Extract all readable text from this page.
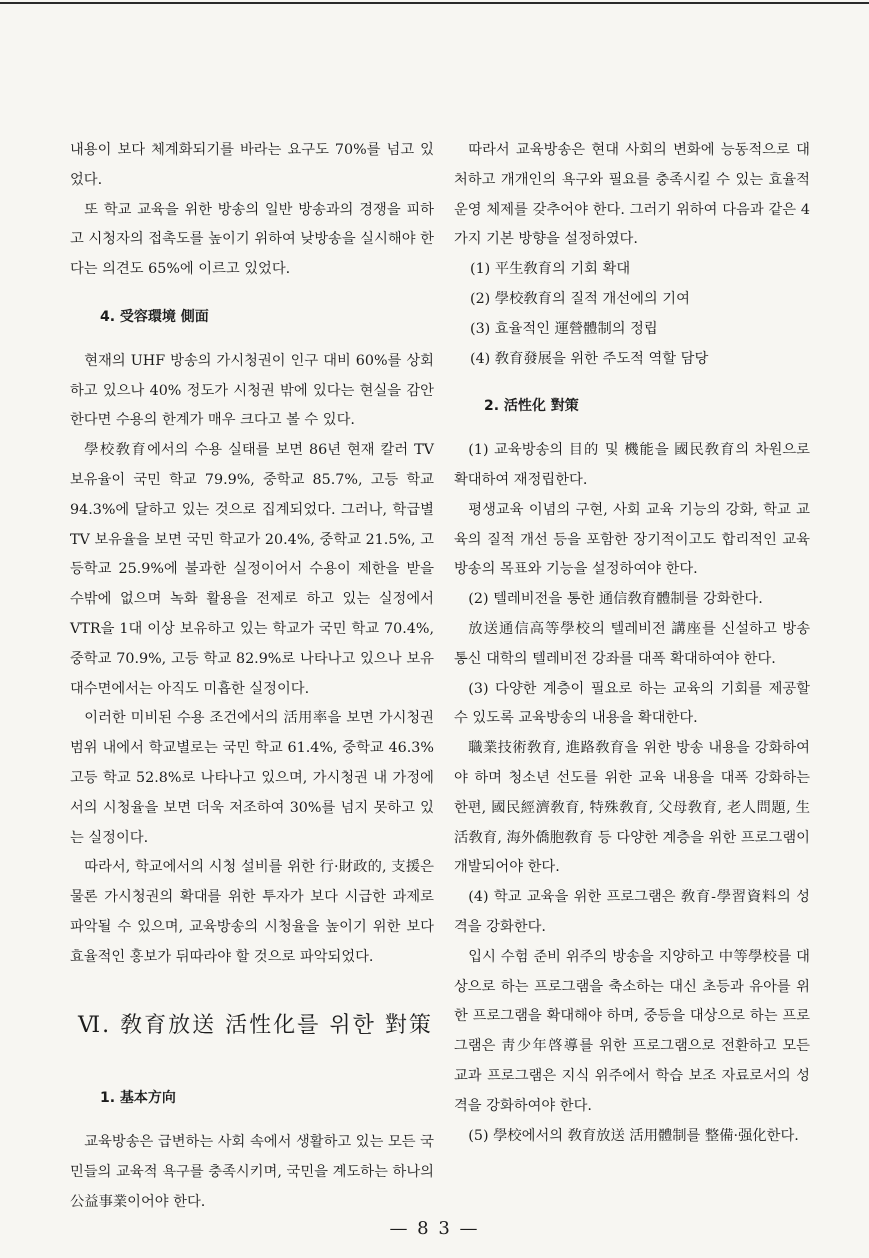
내용이 보다 체계화되기를 바라는 요구도 70%를 넘고 있었다.

또 학교 교육을 위한 방송의 일반 방송과의 경쟁을 피하고 시청자의 접촉도를 높이기 위하여 낮방송을 실시해야 한다는 의견도 65%에 이르고 있었다.

4. 受容環境 側面

현재의 UHF 방송의 가시청권이 인구 대비 60%를 상회하고 있으나 40% 정도가 시청권 밖에 있다는 현실을 감안한다면 수용의 한계가 매우 크다고 볼 수 있다.

學校敎育에서의 수용 실태를 보면 86년 현재 칼러 TV 보유율이 국민 학교 79.9%, 중학교 85.7%, 고등 학교 94.3%에 달하고 있는 것으로 집계되었다. 그러나, 학급별 TV 보유율을 보면 국민 학교가 20.4%, 중학교 21.5%, 고등학교 25.9%에 불과한 실정이어서 수용이 제한을 받을 수밖에 없으며 녹화 활용을 전제로 하고 있는 실정에서 VTR을 1대 이상 보유하고 있는 학교가 국민 학교 70.4%, 중학교 70.9%, 고등 학교 82.9%로 나타나고 있으나 보유 대수면에서는 아직도 미흡한 실정이다.

이러한 미비된 수용 조건에서의 活用率을 보면 가시청권 범위 내에서 학교별로는 국민 학교 61.4%, 중학교 46.3% 고등 학교 52.8%로 나타나고 있으며, 가시청권 내 가정에서의 시청율을 보면 더욱 저조하여 30%를 넘지 못하고 있는 실정이다.

따라서, 학교에서의 시청 설비를 위한 行·財政的, 支援은 물론 가시청권의 확대를 위한 투자가 보다 시급한 과제로 파악될 수 있으며, 교육방송의 시청율을 높이기 위한 보다 효율적인 홍보가 뒤따라야 할 것으로 파악되었다.

Ⅵ. 敎育放送 活性化를 위한 對策
1. 基本方向

교육방송은 급변하는 사회 속에서 생활하고 있는 모든 국민들의 교육적 욕구를 충족시키며, 국민을 계도하는 하나의 公益事業이어야 한다.

따라서 교육방송은 현대 사회의 변화에 능동적으로 대처하고 개개인의 욕구와 필요를 충족시킬 수 있는 효율적 운영 체제를 갖추어야 한다. 그러기 위하여 다음과 같은 4가지 기본 방향을 설정하였다.

(1) 平生敎育의 기회 확대
(2) 學校敎育의 질적 개선에의 기여
(3) 효율적인 運營體制의 정립
(4) 敎育發展을 위한 주도적 역할 담당
2. 活性化 對策

(1) 교육방송의 目的 및 機能을 國民敎育의 차원으로 확대하여 재정립한다.

평생교육 이념의 구현, 사회 교육 기능의 강화, 학교 교육의 질적 개선 등을 포함한 장기적이고도 합리적인 교육방송의 목표와 기능을 설정하여야 한다.

(2) 텔레비전을 통한 通信敎育體制를 강화한다.

放送通信高等學校의 텔레비전 講座를 신설하고 방송 통신 대학의 텔레비전 강좌를 대폭 확대하여야 한다.

(3) 다양한 계층이 필요로 하는 교육의 기회를 제공할 수 있도록 교육방송의 내용을 확대한다.

職業技術敎育, 進路敎育을 위한 방송 내용을 강화하여야 하며 청소년 선도를 위한 교육 내용을 대폭 강화하는 한편, 國民經濟敎育, 特殊敎育, 父母敎育, 老人問題, 生活敎育, 海外僑胞敎育 등 다양한 계층을 위한 프로그램이 개발되어야 한다.

(4) 학교 교육을 위한 프로그램은 敎育-學習資料의 성격을 강화한다.

입시 수험 준비 위주의 방송을 지양하고 中等學校를 대상으로 하는 프로그램을 축소하는 대신 초등과 유아를 위한 프로그램을 확대해야 하며, 중등을 대상으로 하는 프로그램은 靑少年啓導를 위한 프로그램으로 전환하고 모든 교과 프로그램은 지식 위주에서 학습 보조 자료로서의 성격을 강화하여야 한다.

(5) 學校에서의 敎育放送 活用體制를 整備·强化한다.

— 8 3 —
